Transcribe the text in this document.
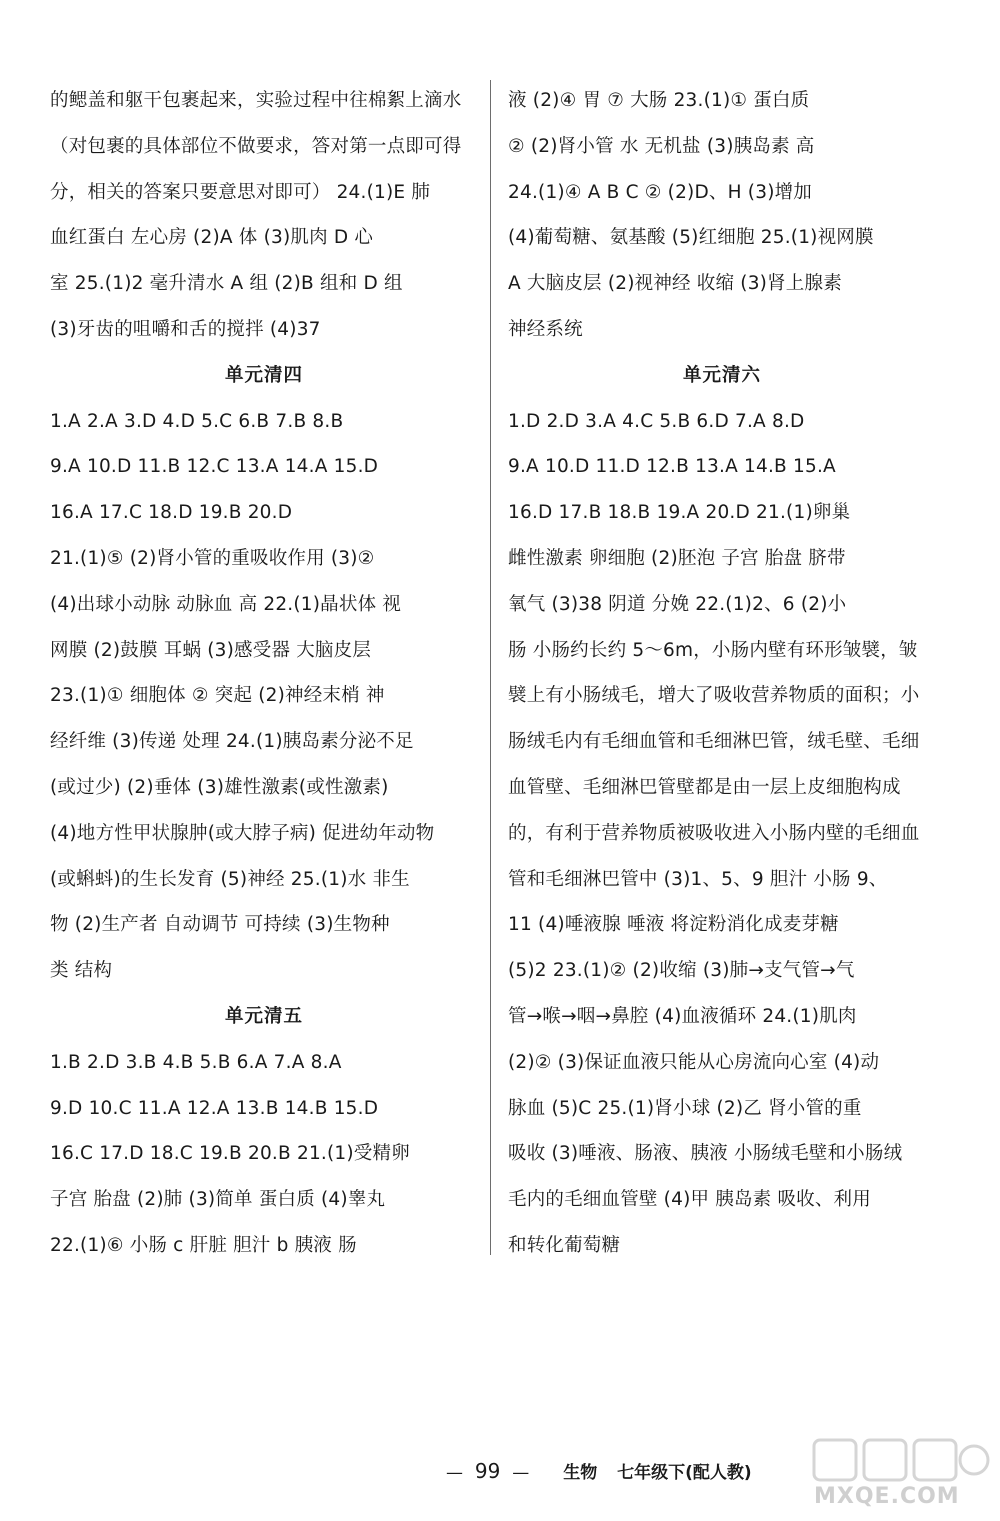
的鳃盖和躯干包裹起来，实验过程中往棉絮上滴水
（对包裹的具体部位不做要求，答对第一点即可得
分，相关的答案只要意思对即可） 24.(1)E 肺
血红蛋白 左心房 (2)A 体 (3)肌肉 D 心
室 25.(1)2 毫升清水 A 组 (2)B 组和 D 组
(3)牙齿的咀嚼和舌的搅拌 (4)37
单元清四
1.A 2.A 3.D 4.D 5.C 6.B 7.B 8.B
9.A 10.D 11.B 12.C 13.A 14.A 15.D
16.A 17.C 18.D 19.B 20.D
21.(1)⑤ (2)肾小管的重吸收作用 (3)②
(4)出球小动脉 动脉血 高 22.(1)晶状体 视
网膜 (2)鼓膜 耳蜗 (3)感受器 大脑皮层
23.(1)① 细胞体 ② 突起 (2)神经末梢 神
经纤维 (3)传递 处理 24.(1)胰岛素分泌不足
(或过少) (2)垂体 (3)雄性激素(或性激素)
(4)地方性甲状腺肿(或大脖子病) 促进幼年动物
(或蝌蚪)的生长发育 (5)神经 25.(1)水 非生
物 (2)生产者 自动调节 可持续 (3)生物种
类 结构
单元清五
1.B 2.D 3.B 4.B 5.B 6.A 7.A 8.A
9.D 10.C 11.A 12.A 13.B 14.B 15.D
16.C 17.D 18.C 19.B 20.B 21.(1)受精卵
子宫 胎盘 (2)肺 (3)简单 蛋白质 (4)睾丸
22.(1)⑥ 小肠 c 肝脏 胆汁 b 胰液 肠
液 (2)④ 胃 ⑦ 大肠 23.(1)① 蛋白质
② (2)肾小管 水 无机盐 (3)胰岛素 高
24.(1)④ A B C ② (2)D、H (3)增加
(4)葡萄糖、氨基酸 (5)红细胞 25.(1)视网膜
A 大脑皮层 (2)视神经 收缩 (3)肾上腺素
神经系统
单元清六
1.D 2.D 3.A 4.C 5.B 6.D 7.A 8.D
9.A 10.D 11.D 12.B 13.A 14.B 15.A
16.D 17.B 18.B 19.A 20.D 21.(1)卵巢
雌性激素 卵细胞 (2)胚泡 子宫 胎盘 脐带
氧气 (3)38 阴道 分娩 22.(1)2、6 (2)小
肠 小肠约长约 5～6m，小肠内壁有环形皱襞，皱
襞上有小肠绒毛，增大了吸收营养物质的面积；小
肠绒毛内有毛细血管和毛细淋巴管，绒毛壁、毛细
血管壁、毛细淋巴管壁都是由一层上皮细胞构成
的，有利于营养物质被吸收进入小肠内壁的毛细血
管和毛细淋巴管中 (3)1、5、9 胆汁 小肠 9、
11 (4)唾液腺 唾液 将淀粉消化成麦芽糖
(5)2 23.(1)② (2)收缩 (3)肺→支气管→气
管→喉→咽→鼻腔 (4)血液循环 24.(1)肌肉
(2)② (3)保证血液只能从心房流向心室 (4)动
脉血 (5)C 25.(1)肾小球 (2)乙 肾小管的重
吸收 (3)唾液、肠液、胰液 小肠绒毛壁和小肠绒
毛内的毛细血管壁 (4)甲 胰岛素 吸收、利用
和转化葡萄糖
— 99 — 生物 七年级下(配人教)
MXQE.COM
